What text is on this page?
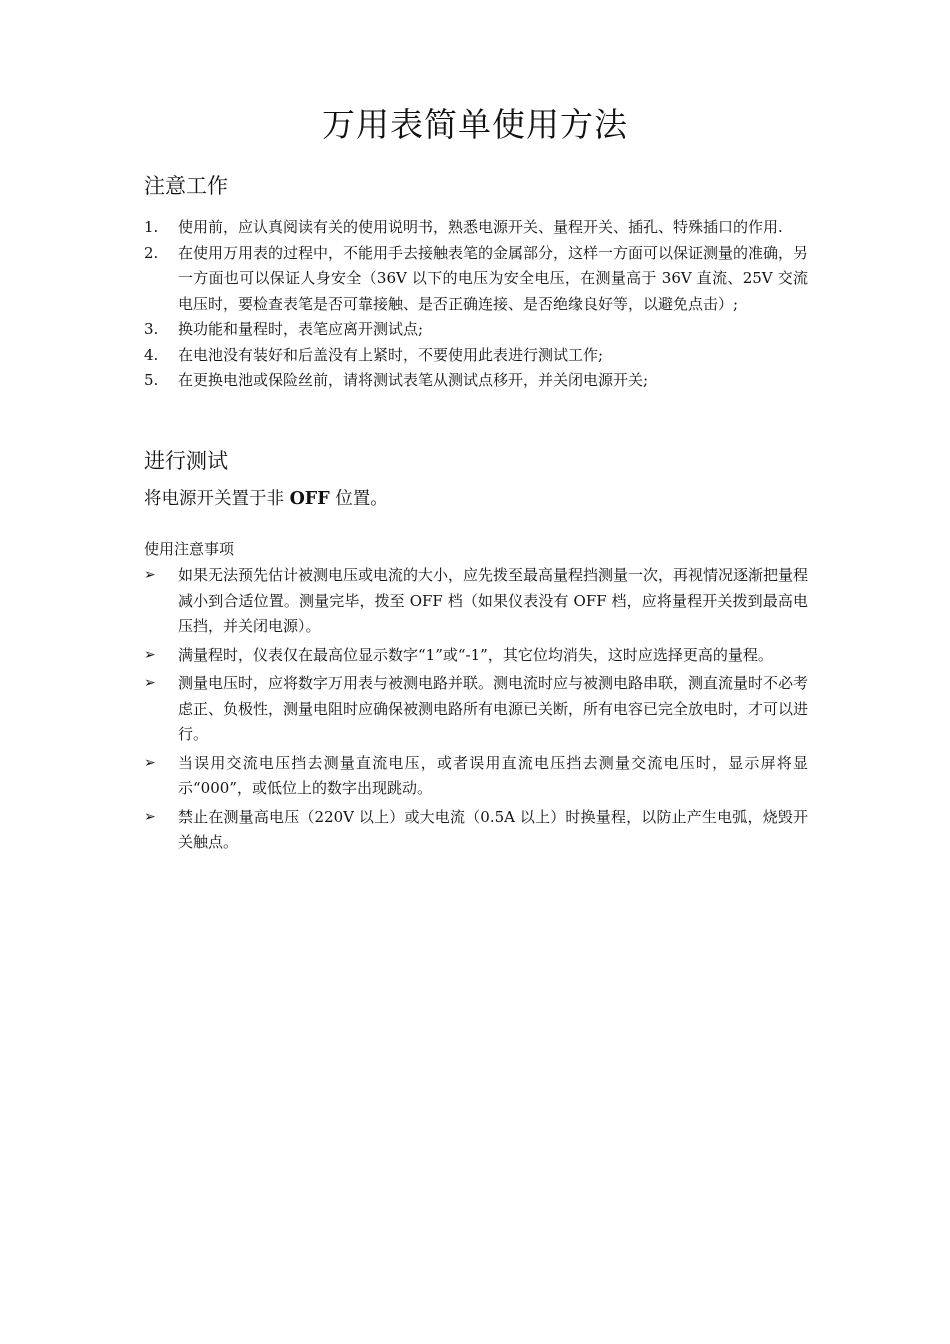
万用表简单使用方法
注意工作
1. 使用前，应认真阅读有关的使用说明书，熟悉电源开关、量程开关、插孔、特殊插口的作用.
2. 在使用万用表的过程中，不能用手去接触表笔的金属部分，这样一方面可以保证测量的准确，另一方面也可以保证人身安全（36V 以下的电压为安全电压，在测量高于 36V 直流、25V 交流电压时，要检查表笔是否可靠接触、是否正确连接、是否绝缘良好等，以避免点击）;
3. 换功能和量程时，表笔应离开测试点;
4. 在电池没有装好和后盖没有上紧时，不要使用此表进行测试工作;
5. 在更换电池或保险丝前，请将测试表笔从测试点移开，并关闭电源开关;
进行测试

将电源开关置于非 OFF 位置。

使用注意事项

➢ 如果无法预先估计被测电压或电流的大小，应先拨至最高量程挡测量一次，再视情况逐渐把量程减小到合适位置。测量完毕，拨至 OFF 档（如果仪表没有 OFF 档，应将量程开关拨到最高电压挡，并关闭电源）。
➢ 满量程时，仪表仅在最高位显示数字“1”或“-1”，其它位均消失，这时应选择更高的量程。
➢ 测量电压时，应将数字万用表与被测电路并联。测电流时应与被测电路串联，测直流量时不必考虑正、负极性，测量电阻时应确保被测电路所有电源已关断，所有电容已完全放电时，才可以进行。
➢ 当误用交流电压挡去测量直流电压，或者误用直流电压挡去测量交流电压时，显示屏将显示“000”，或低位上的数字出现跳动。
➢ 禁止在测量高电压（220V 以上）或大电流（0.5A 以上）时换量程，以防止产生电弧，烧毁开关触点。
